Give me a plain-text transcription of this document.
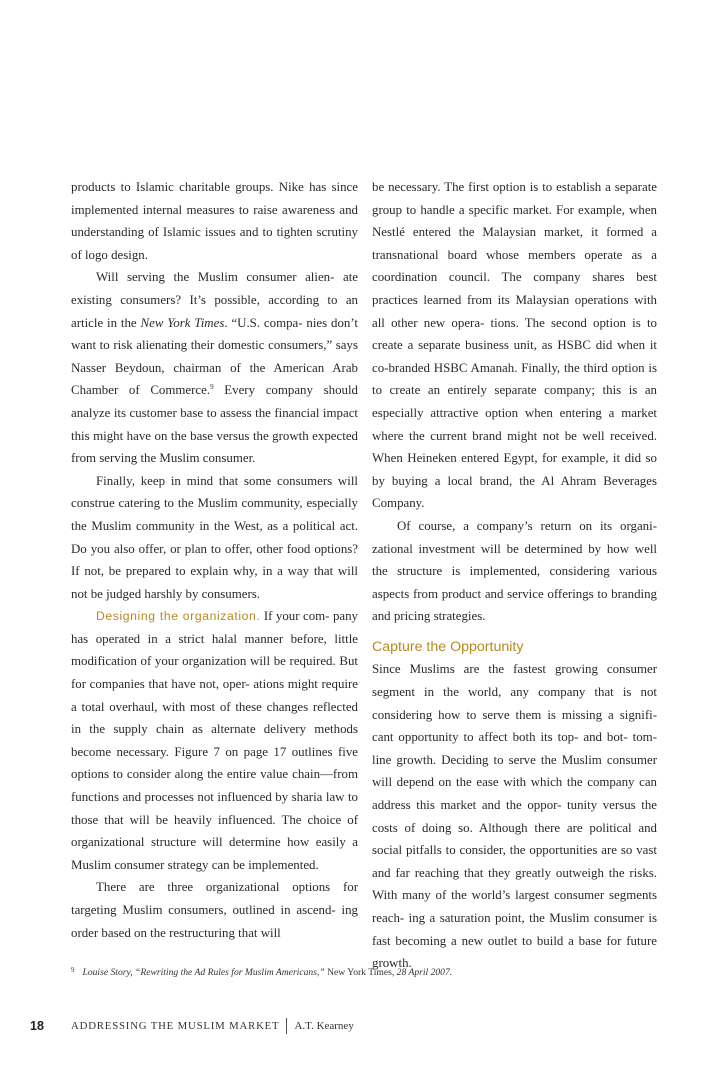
products to Islamic charitable groups. Nike has since implemented internal measures to raise awareness and understanding of Islamic issues and to tighten scrutiny of logo design.

Will serving the Muslim consumer alien- ate existing consumers? It’s possible, according to an article in the New York Times. “U.S. compa- nies don’t want to risk alienating their domestic consumers,” says Nasser Beydoun, chairman of the American Arab Chamber of Commerce.$^9$ Every company should analyze its customer base to assess the financial impact this might have on the base versus the growth expected from serving the Muslim consumer.

Finally, keep in mind that some consumers will construe catering to the Muslim community, especially the Muslim community in the West, as a political act. Do you also offer, or plan to offer, other food options? If not, be prepared to explain why, in a way that will not be judged harshly by consumers.

Designing the organization. If your com- pany has operated in a strict halal manner before, little modification of your organization will be required. But for companies that have not, oper- ations might require a total overhaul, with most of these changes reflected in the supply chain as alternate delivery methods become necessary. Figure 7 on page 17 outlines five options to consider along the entire value chain—from functions and processes not influenced by sharia law to those that will be heavily influenced. The choice of organizational structure will determine how easily a Muslim consumer strategy can be implemented.

There are three organizational options for targeting Muslim consumers, outlined in ascend- ing order based on the restructuring that will

be necessary. The first option is to establish a separate group to handle a specific market. For example, when Nestlé entered the Malaysian market, it formed a transnational board whose members operate as a coordination council. The company shares best practices learned from its Malaysian operations with all other new opera- tions. The second option is to create a separate business unit, as HSBC did when it co-branded HSBC Amanah. Finally, the third option is to create an entirely separate company; this is an especially attractive option when entering a market where the current brand might not be well received. When Heineken entered Egypt, for example, it did so by buying a local brand, the Al Ahram Beverages Company.

Of course, a company’s return on its organi- zational investment will be determined by how well the structure is implemented, considering various aspects from product and service offerings to branding and pricing strategies.

Capture the Opportunity

Since Muslims are the fastest growing consumer segment in the world, any company that is not considering how to serve them is missing a signifi- cant opportunity to affect both its top- and bot- tom-line growth. Deciding to serve the Muslim consumer will depend on the ease with which the company can address this market and the oppor- tunity versus the costs of doing so. Although there are political and social pitfalls to consider, the opportunities are so vast and far reaching that they greatly outweigh the risks. With many of the world’s largest consumer segments reach- ing a saturation point, the Muslim consumer is fast becoming a new outlet to build a base for future growth.

$^9$ Louise Story, “Rewriting the Ad Rules for Muslim Americans,” New York Times, 28 April 2007.
18	ADDRESSING THE MUSLIM MARKET A.T. Kearney
